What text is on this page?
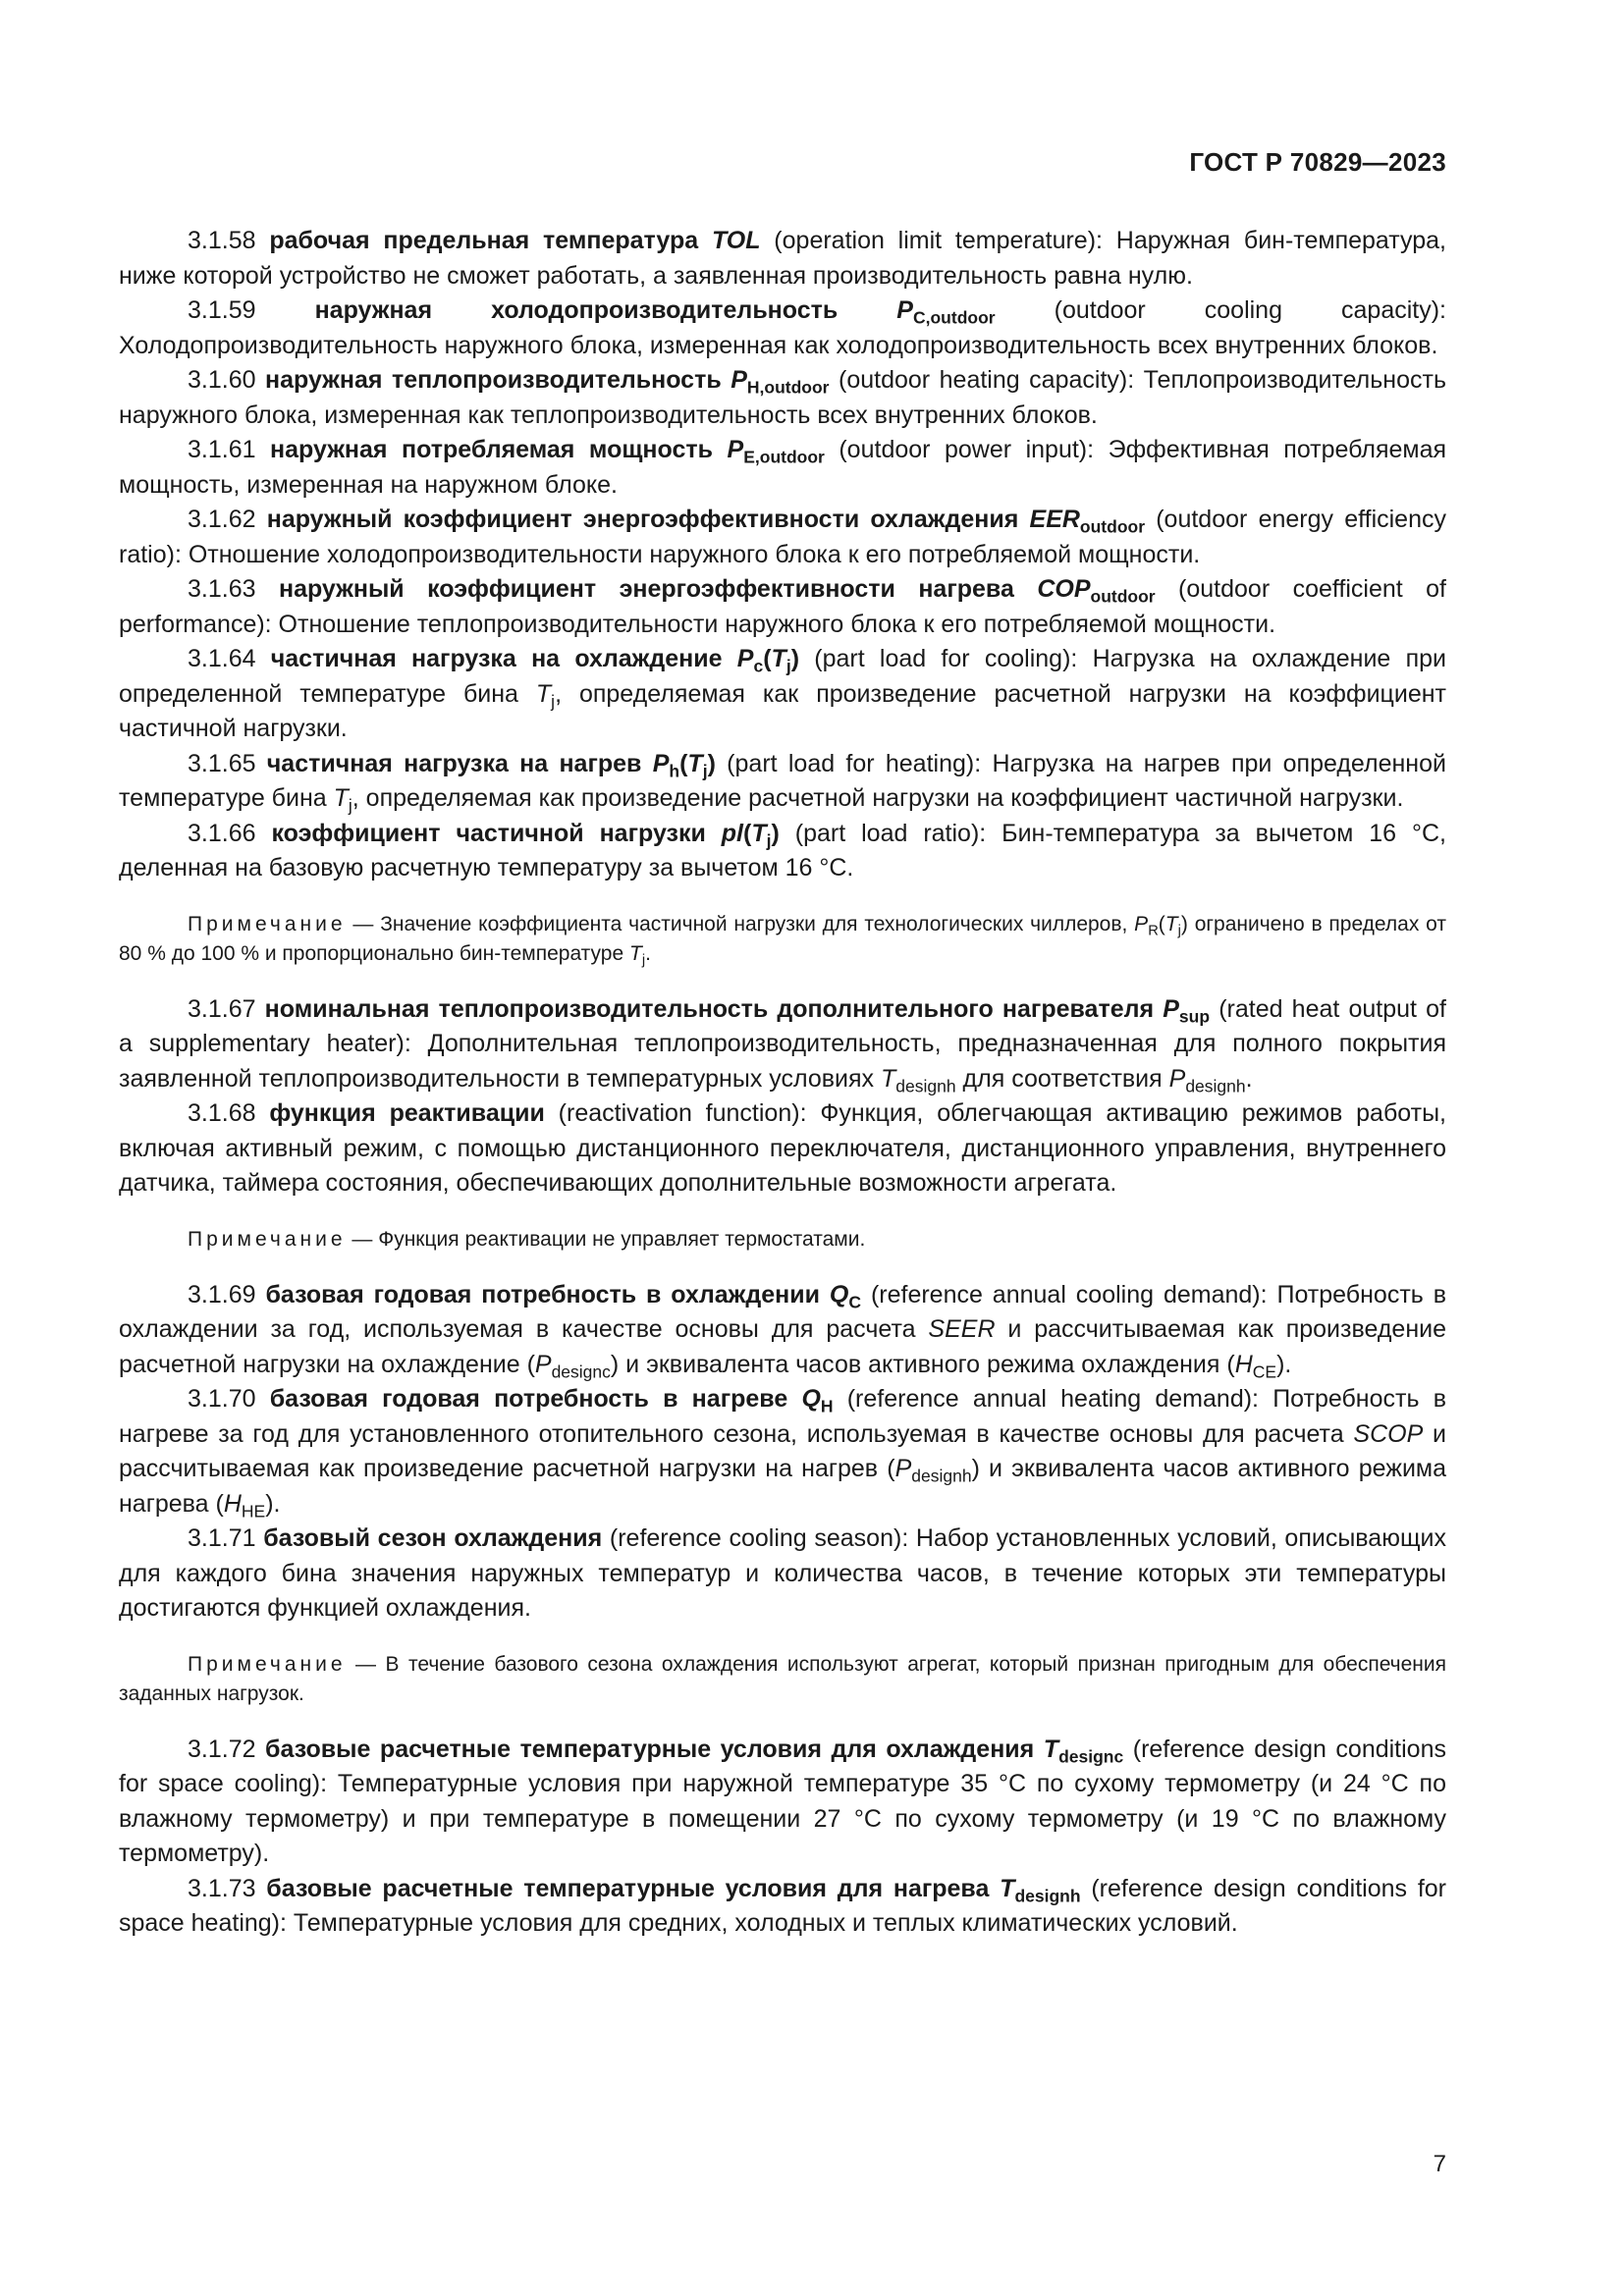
ГОСТ Р 70829—2023

3.1.58 рабочая предельная температура TOL (operation limit temperature): Наружная бин-температура, ниже которой устройство не сможет работать, а заявленная производительность равна нулю.

3.1.59 наружная холодопроизводительность $P_{C,outdoor}$ (outdoor cooling capacity): Холодопроизводительность наружного блока, измеренная как холодопроизводительность всех внутренних блоков.

3.1.60 наружная теплопроизводительность $P_{H,outdoor}$ (outdoor heating capacity): Теплопроизводительность наружного блока, измеренная как теплопроизводительность всех внутренних блоков.

3.1.61 наружная потребляемая мощность $P_{E,outdoor}$ (outdoor power input): Эффективная потребляемая мощность, измеренная на наружном блоке.

3.1.62 наружный коэффициент энергоэффективности охлаждения $EER_{outdoor}$ (outdoor energy efficiency ratio): Отношение холодопроизводительности наружного блока к его потребляемой мощности.

3.1.63 наружный коэффициент энергоэффективности нагрева $COP_{outdoor}$ (outdoor coefficient of performance): Отношение теплопроизводительности наружного блока к его потребляемой мощности.

3.1.64 частичная нагрузка на охлаждение $P_c(T_j)$ (part load for cooling): Нагрузка на охлаждение при определенной температуре бина $T_j$, определяемая как произведение расчетной нагрузки на коэффициент частичной нагрузки.

3.1.65 частичная нагрузка на нагрев $P_h(T_j)$ (part load for heating): Нагрузка на нагрев при определенной температуре бина $T_j$, определяемая как произведение расчетной нагрузки на коэффициент частичной нагрузки.

3.1.66 коэффициент частичной нагрузки $pl(T_j)$ (part load ratio): Бин-температура за вычетом 16 °С, деленная на базовую расчетную температуру за вычетом 16 °С.

Примечание — Значение коэффициента частичной нагрузки для технологических чиллеров, $P_R(T_j)$ ограничено в пределах от 80 % до 100 % и пропорционально бин-температуре $T_j$.

3.1.67 номинальная теплопроизводительность дополнительного нагревателя $P_{sup}$ (rated heat output of a supplementary heater): Дополнительная теплопроизводительность, предназначенная для полного покрытия заявленной теплопроизводительности в температурных условиях $T_{designh}$ для соответствия $P_{designh}$.

3.1.68 функция реактивации (reactivation function): Функция, облегчающая активацию режимов работы, включая активный режим, с помощью дистанционного переключателя, дистанционного управления, внутреннего датчика, таймера состояния, обеспечивающих дополнительные возможности агрегата.

Примечание — Функция реактивации не управляет термостатами.

3.1.69 базовая годовая потребность в охлаждении $Q_C$ (reference annual cooling demand): Потребность в охлаждении за год, используемая в качестве основы для расчета SEER и рассчитываемая как произведение расчетной нагрузки на охлаждение $(P_{designc})$ и эквивалента часов активного режима охлаждения $(H_{CE})$.

3.1.70 базовая годовая потребность в нагреве $Q_H$ (reference annual heating demand): Потребность в нагреве за год для установленного отопительного сезона, используемая в качестве основы для расчета SCOP и рассчитываемая как произведение расчетной нагрузки на нагрев $(P_{designh})$ и эквивалента часов активного режима нагрева $(H_{HE})$.

3.1.71 базовый сезон охлаждения (reference cooling season): Набор установленных условий, описывающих для каждого бина значения наружных температур и количества часов, в течение которых эти температуры достигаются функцией охлаждения.

Примечание — В течение базового сезона охлаждения используют агрегат, который признан пригодным для обеспечения заданных нагрузок.

3.1.72 базовые расчетные температурные условия для охлаждения $T_{designc}$ (reference design conditions for space cooling): Температурные условия при наружной температуре 35 °С по сухому термометру (и 24 °С по влажному термометру) и при температуре в помещении 27 °С по сухому термометру (и 19 °С по влажному термометру).

3.1.73 базовые расчетные температурные условия для нагрева $T_{designh}$ (reference design conditions for space heating): Температурные условия для средних, холодных и теплых климатических условий.

7
